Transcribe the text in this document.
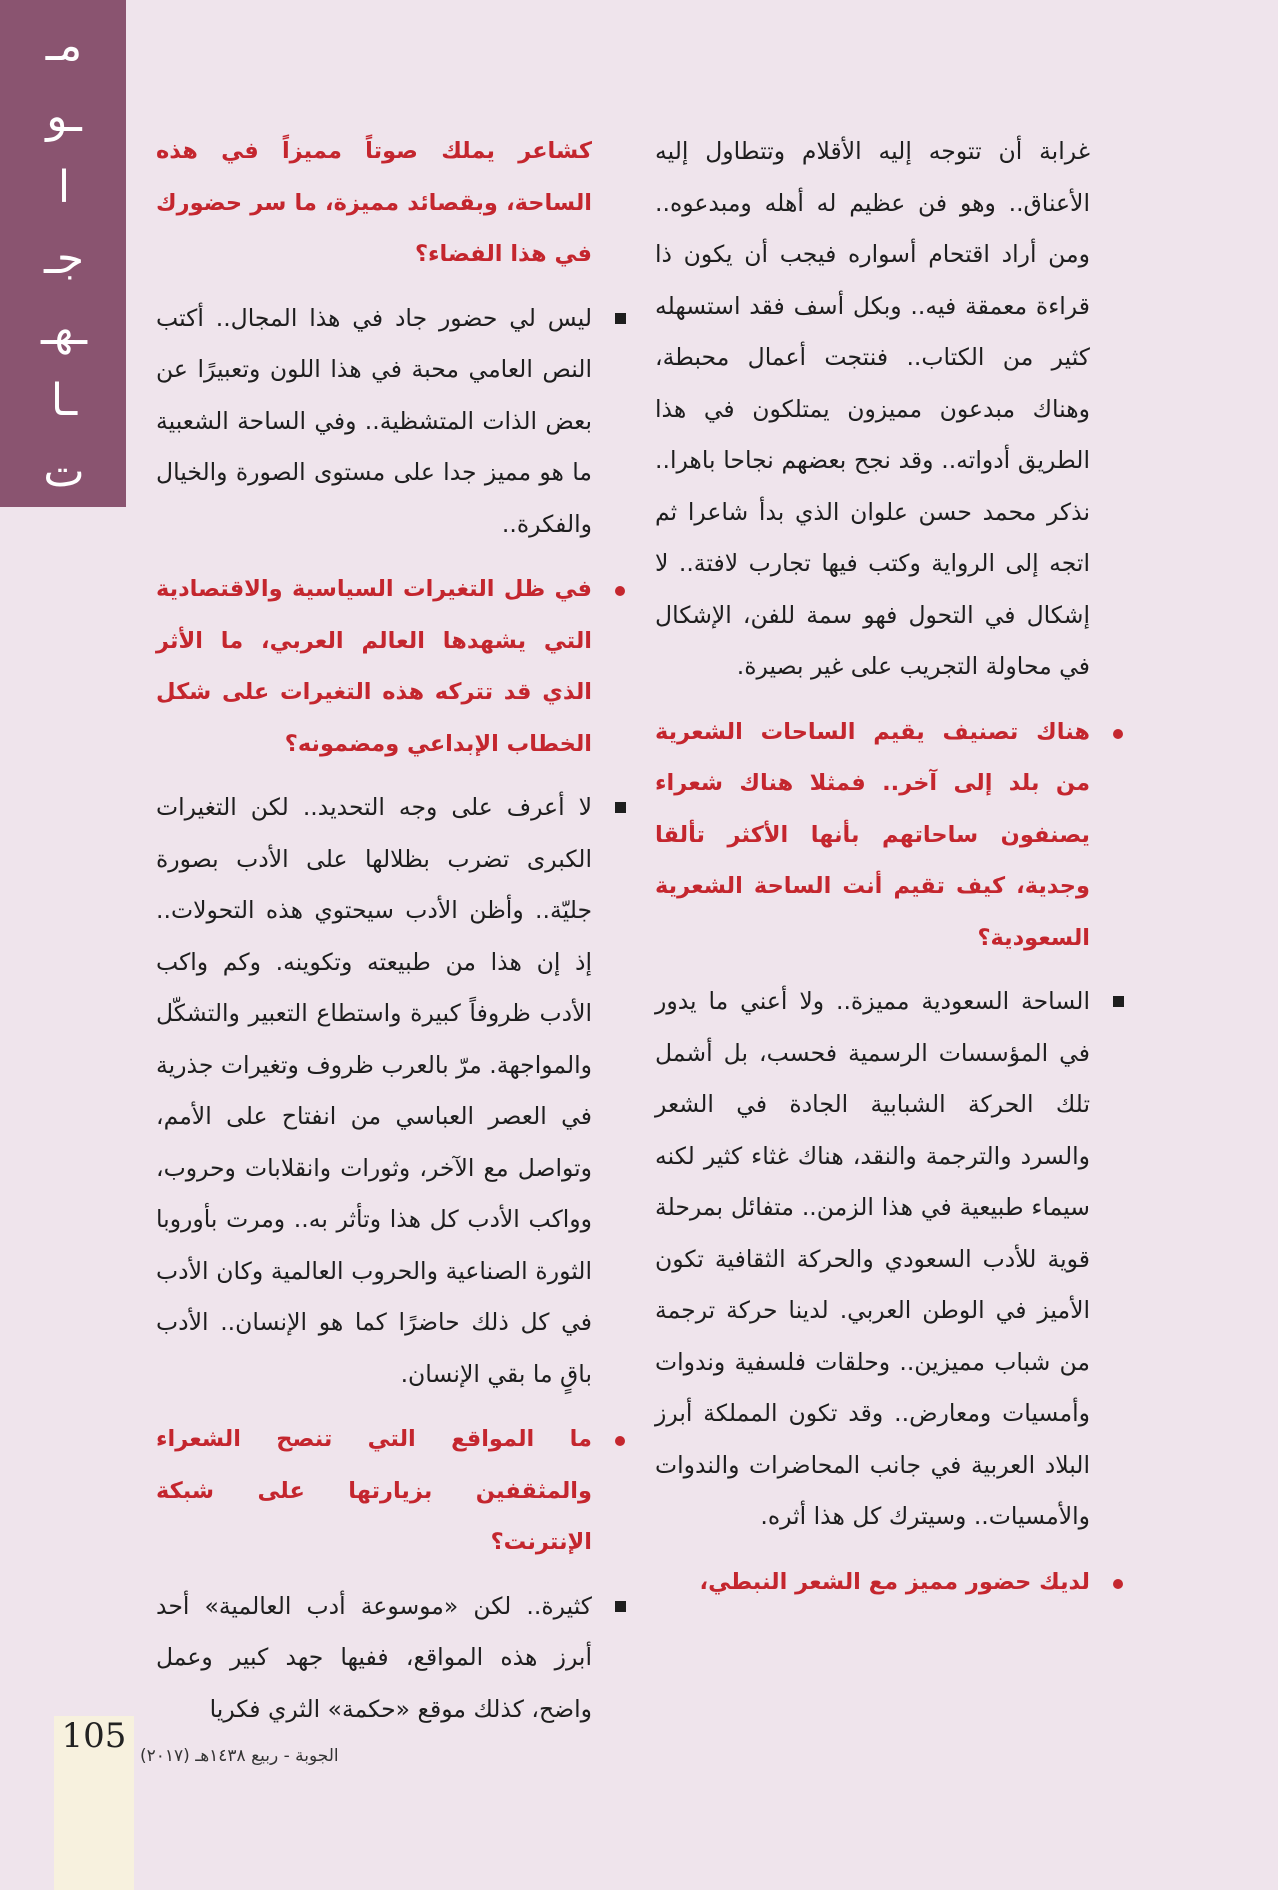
مـ
ـو
ا
جـ
ـهـ
ـا
ت

غرابة أن تتوجه إليه الأقلام وتتطاول إليه الأعناق.. وهو فن عظيم له أهله ومبدعوه.. ومن أراد اقتحام أسواره فيجب أن يكون ذا قراءة معمقة فيه.. وبكل أسف فقد استسهله كثير من الكتاب.. فنتجت أعمال محبطة، وهناك مبدعون مميزون يمتلكون في هذا الطريق أدواته.. وقد نجح بعضهم نجاحا باهرا.. نذكر محمد حسن علوان الذي بدأ شاعرا ثم اتجه إلى الرواية وكتب فيها تجارب لافتة.. لا إشكال في التحول فهو سمة للفن، الإشكال في محاولة التجريب على غير بصيرة.

هناك تصنيف يقيم الساحات الشعرية من بلد إلى آخر.. فمثلا هناك شعراء يصنفون ساحاتهم بأنها الأكثر تألقا وجدية، كيف تقيم أنت الساحة الشعرية السعودية؟

الساحة السعودية مميزة.. ولا أعني ما يدور في المؤسسات الرسمية فحسب، بل أشمل تلك الحركة الشبابية الجادة في الشعر والسرد والترجمة والنقد، هناك غثاء كثير لكنه سيماء طبيعية في هذا الزمن.. متفائل بمرحلة قوية للأدب السعودي والحركة الثقافية تكون الأميز في الوطن العربي. لدينا حركة ترجمة من شباب مميزين.. وحلقات فلسفية وندوات وأمسيات ومعارض.. وقد تكون المملكة أبرز البلاد العربية في جانب المحاضرات والندوات والأمسيات.. وسيترك كل هذا أثره.

لديك حضور مميز مع الشعر النبطي،

كشاعر يملك صوتاً مميزاً في هذه الساحة، وبقصائد مميزة، ما سر حضورك في هذا الفضاء؟

ليس لي حضور جاد في هذا المجال.. أكتب النص العامي محبة في هذا اللون وتعبيرًا عن بعض الذات المتشظية.. وفي الساحة الشعبية ما هو مميز جدا على مستوى الصورة والخيال والفكرة..

في ظل التغيرات السياسية والاقتصادية التي يشهدها العالم العربي، ما الأثر الذي قد تتركه هذه التغيرات على شكل الخطاب الإبداعي ومضمونه؟

لا أعرف على وجه التحديد.. لكن التغيرات الكبرى تضرب بظلالها على الأدب بصورة جليّة.. وأظن الأدب سيحتوي هذه التحولات.. إذ إن هذا من طبيعته وتكوينه. وكم واكب الأدب ظروفاً كبيرة واستطاع التعبير والتشكّل والمواجهة. مرّ بالعرب ظروف وتغيرات جذرية في العصر العباسي من انفتاح على الأمم، وتواصل مع الآخر، وثورات وانقلابات وحروب، وواكب الأدب كل هذا وتأثر به.. ومرت بأوروبا الثورة الصناعية والحروب العالمية وكان الأدب في كل ذلك حاضرًا كما هو الإنسان.. الأدب باقٍ ما بقي الإنسان.

ما المواقع التي تنصح الشعراء والمثقفين بزيارتها على شبكة الإنترنت؟

كثيرة.. لكن «موسوعة أدب العالمية» أحد أبرز هذه المواقع، ففيها جهد كبير وعمل واضح، كذلك موقع «حكمة» الثري فكريا

105 الجوبة - ربيع ١٤٣٨هـ (٢٠١٧)
